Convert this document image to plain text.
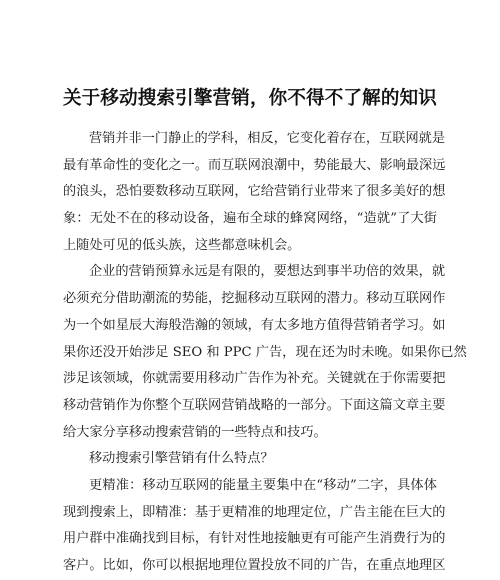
关于移动搜索引擎营销，你不得不了解的知识
营销并非一门静止的学科，相反，它变化着存在，互联网就是
最有革命性的变化之一。而互联网浪潮中，势能最大、影响最深远
的浪头，恐怕要数移动互联网，它给营销行业带来了很多美好的想
象：无处不在的移动设备，遍布全球的蜂窝网络，“造就”了大街
上随处可见的低头族，这些都意味机会。
企业的营销预算永远是有限的，要想达到事半功倍的效果，就
必须充分借助潮流的势能，挖掘移动互联网的潜力。移动互联网作
为一个如星辰大海般浩瀚的领域，有太多地方值得营销者学习。如
果你还没开始涉足 SEO 和 PPC 广告，现在还为时未晚。如果你已然
涉足该领域，你就需要用移动广告作为补充。关键就在于你需要把
移动营销作为你整个互联网营销战略的一部分。下面这篇文章主要
给大家分享移动搜索营销的一些特点和技巧。
移动搜索引擎营销有什么特点？
更精准：移动互联网的能量主要集中在“移动”二字，具体体
现到搜索上，即精准：基于更精准的地理定位，广告主能在巨大的
用户群中准确找到目标，有针对性地接触更有可能产生消费行为的
客户。比如，你可以根据地理位置投放不同的广告，在重点地理区
